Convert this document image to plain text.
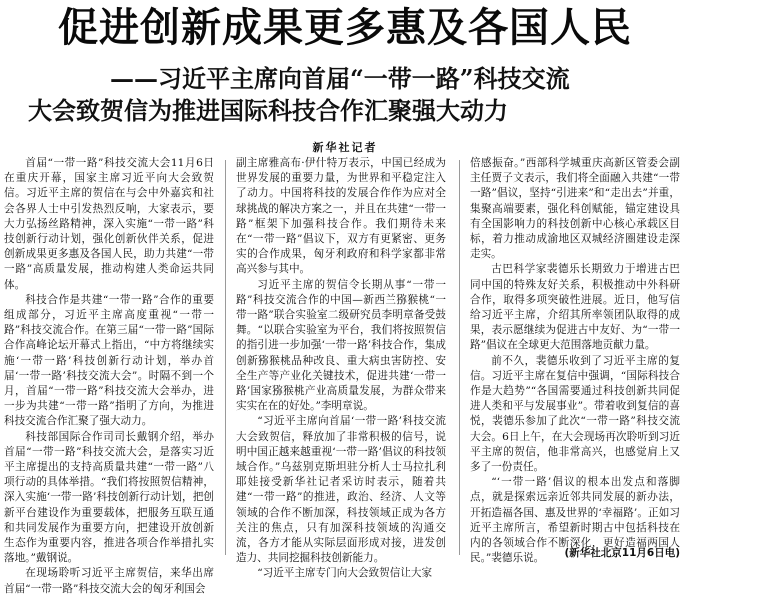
促进创新成果更多惠及各国人民
——习近平主席向首届“一带一路”科技交流
大会致贺信为推进国际科技合作汇聚强大动力
新华社记者

首届“一带一路”科技交流大会11月6日在重庆开幕，国家主席习近平向大会致贺信。习近平主席的贺信在与会中外嘉宾和社会各界人士中引发热烈反响，大家表示，要大力弘扬丝路精神，深入实施“一带一路”科技创新行动计划，强化创新伙伴关系，促进创新成果更多惠及各国人民，助力共建“一带一路”高质量发展，推动构建人类命运共同体。

科技合作是共建“一带一路”合作的重要组成部分，习近平主席高度重视“一带一路”科技交流合作。在第三届“一带一路”国际合作高峰论坛开幕式上指出，“中方将继续实施‘一带一路’科技创新行动计划，举办首届‘一带一路’科技交流大会”。时隔不到一个月，首届“一带一路”科技交流大会举办，进一步为共建“一带一路”指明了方向，为推进科技交流合作汇聚了强大动力。

科技部国际合作司司长戴钢介绍，举办首届“一带一路”科技交流大会，是落实习近平主席提出的支持高质量共建“一带一路”八项行动的具体举措。“我们将按照贺信精神，深入实施‘一带一路’科技创新行动计划，把创新平台建设作为重要载体，把服务互联互通和共同发展作为重要方向，把建设开放创新生态作为重要内容，推进各项合作举措扎实落地。”戴钢说。

在现场聆听习近平主席贺信，来华出席首届“一带一路”科技交流大会的匈牙利国会

副主席雅高布·伊什特万表示，中国已经成为世界发展的重要力量，为世界和平稳定注入了动力。中国将科技的发展合作作为应对全球挑战的解决方案之一，并且在共建“一带一路”框架下加强科技合作。我们期待未来在“一带一路”倡议下，双方有更紧密、更务实的合作成果，匈牙利政府和科学家都非常高兴参与其中。

习近平主席的贺信令长期从事“一带一路”科技交流合作的中国—新西兰猕猴桃“一带一路”联合实验室二级研究员李明章备受鼓舞。“以联合实验室为平台，我们将按照贺信的指引进一步加强‘一带一路’科技合作，集成创新猕猴桃品种改良、重大病虫害防控、安全生产等产业化关键技术，促进共建‘一带一路’国家猕猴桃产业高质量发展，为群众带来实实在在的好处。”李明章说。

“习近平主席向首届‘一带一路’科技交流大会致贺信，释放加了非常积极的信号，说明中国正越来越重视‘一带一路’倡议的科技领域合作。”乌兹别克斯坦驻分析人士马拉扎利耶娃接受新华社记者采访时表示，随着共建“一带一路”的推进，政治、经济、人文等领域的合作不断加深，科技领域正成为各方关注的焦点，只有加深科技领域的沟通交流，各方才能从实际层面形成对接，进发创造力、共同挖掘科技创新能力。

“习近平主席专门向大会致贺信让大家

倍感振奋。”西部科学城重庆高新区管委会副主任贾子文表示，我们将全面融入共建“一带一路”倡议，坚持“引进来”和“走出去”并重，集聚高端要素，强化科创赋能，锚定建设具有全国影响力的科技创新中心核心承载区目标，着力推动成渝地区双城经济圈建设走深走实。

古巴科学家裴德乐长期致力于增进古巴同中国的特殊友好关系，积极推动中外科研合作，取得多项突破性进展。近日，他写信给习近平主席，介绍其所率领团队取得的成果，表示愿继续为促进古中友好、为“一带一路”倡议在全球更大范围落地贡献力量。

前不久，裴德乐收到了习近平主席的复信。习近平主席在复信中强调，“国际科技合作是大趋势”“各国需要通过科技创新共同促进人类和平与发展事业”。带着收到复信的喜悦，裴德乐参加了此次“一带一路”科技交流大会。6日上午，在大会现场再次聆听到习近平主席的贺信，他非常高兴，也感觉肩上又多了一份责任。

“‘一带一路’倡议的根本出发点和落脚点，就是探索远亲近邻共同发展的新办法，开拓造福各国、惠及世界的‘幸福路’。正如习近平主席所言，希望新时期古中包括科技在内的各领域合作不断深化，更好造福两国人民。”裴德乐说。	(新华社北京11月6日电)
